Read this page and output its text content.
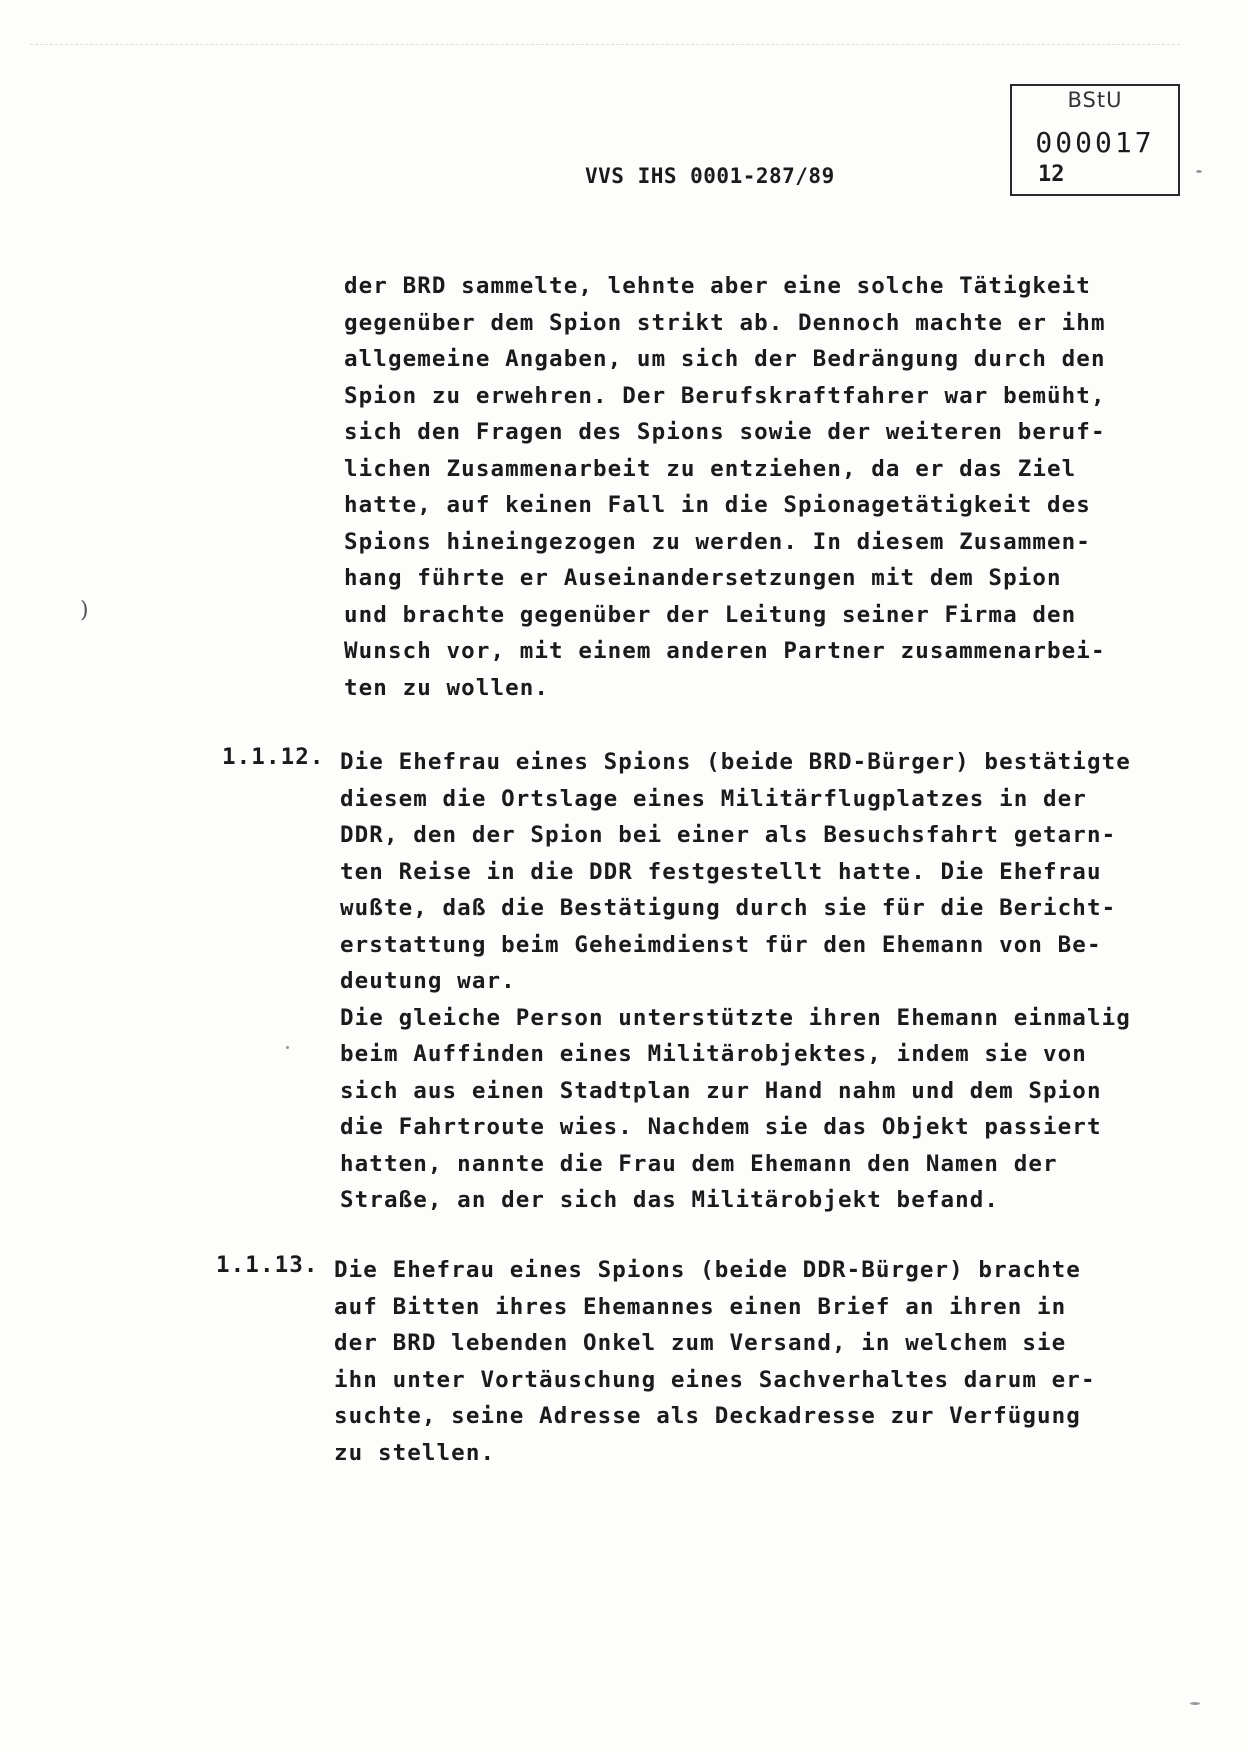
VVS IHS 0001-287/89
BStU
000017
12
)
der BRD sammelte, lehnte aber eine solche Tätigkeit
gegenüber dem Spion strikt ab. Dennoch machte er ihm
allgemeine Angaben, um sich der Bedrängung durch den
Spion zu erwehren. Der Berufskraftfahrer war bemüht,
sich den Fragen des Spions sowie der weiteren beruf-
lichen Zusammenarbeit zu entziehen, da er das Ziel
hatte, auf keinen Fall in die Spionagetätigkeit des
Spions hineingezogen zu werden. In diesem Zusammen-
hang führte er Auseinandersetzungen mit dem Spion
und brachte gegenüber der Leitung seiner Firma den
Wunsch vor, mit einem anderen Partner zusammenarbei-
ten zu wollen.
1.1.12. Die Ehefrau eines Spions (beide BRD-Bürger) bestätigte
diesem die Ortslage eines Militärflugplatzes in der
DDR, den der Spion bei einer als Besuchsfahrt getarn-
ten Reise in die DDR festgestellt hatte. Die Ehefrau
wußte, daß die Bestätigung durch sie für die Bericht-
erstattung beim Geheimdienst für den Ehemann von Be-
deutung war.
Die gleiche Person unterstützte ihren Ehemann einmalig
beim Auffinden eines Militärobjektes, indem sie von
sich aus einen Stadtplan zur Hand nahm und dem Spion
die Fahrtroute wies. Nachdem sie das Objekt passiert
hatten, nannte die Frau dem Ehemann den Namen der
Straße, an der sich das Militärobjekt befand.
1.1.13. Die Ehefrau eines Spions (beide DDR-Bürger) brachte
auf Bitten ihres Ehemannes einen Brief an ihren in
der BRD lebenden Onkel zum Versand, in welchem sie
ihn unter Vortäuschung eines Sachverhaltes darum er-
suchte, seine Adresse als Deckadresse zur Verfügung
zu stellen.
